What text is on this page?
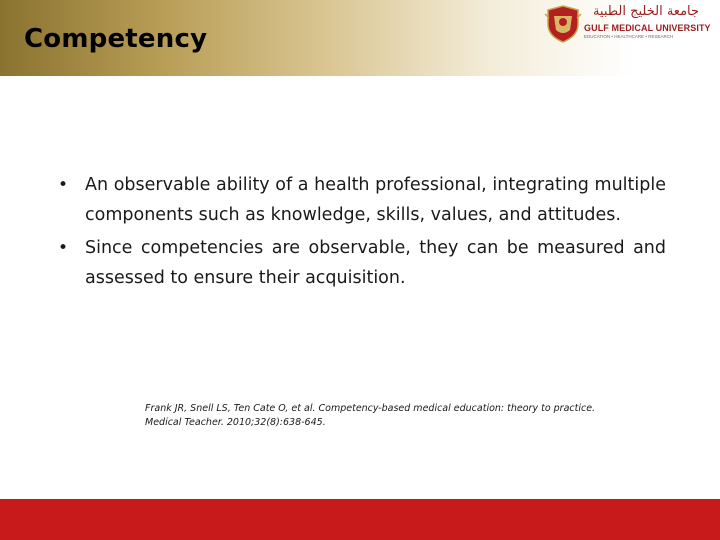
Competency
جامعة الخليج الطبية
GULF MEDICAL UNIVERSITY
EDUCATION • HEALTHCARE • RESEARCH
• An observable ability of a health professional, integrating multiple components such as knowledge, skills, values, and attitudes.
• Since competencies are observable, they can be measured and assessed to ensure their acquisition.
Frank JR, Snell LS, Ten Cate O, et al. Competency-based medical education: theory to practice. Medical Teacher. 2010;32(8):638-645.
